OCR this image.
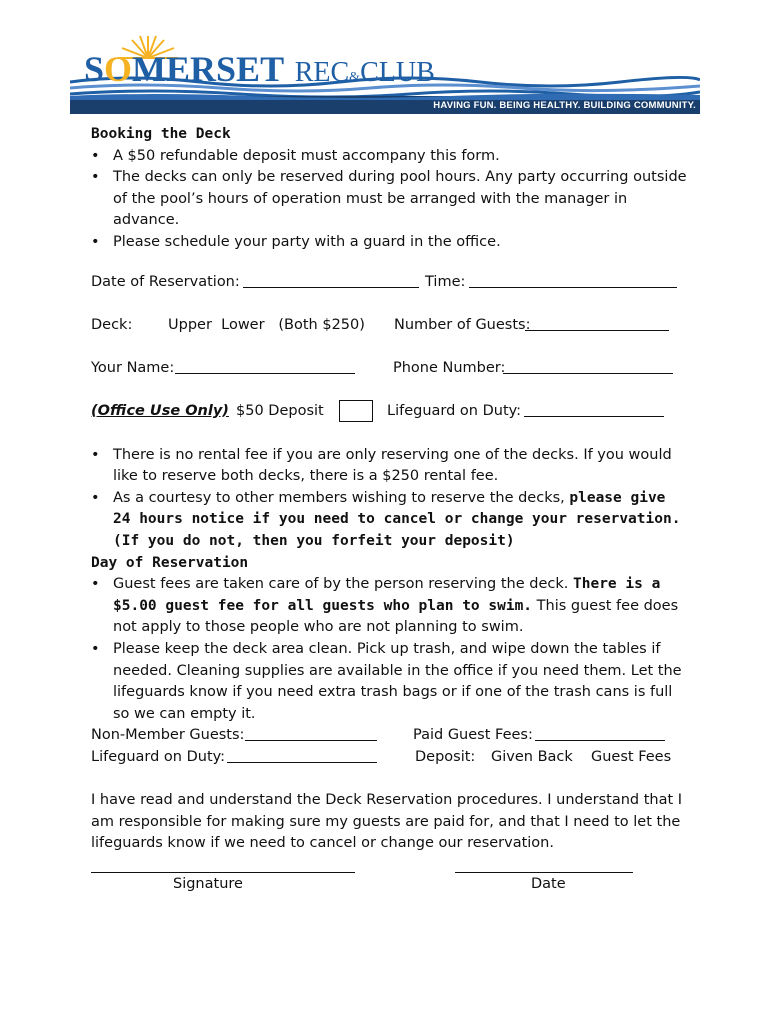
SOMERSET REC&CLUB
HAVING FUN. BEING HEALTHY. BUILDING COMMUNITY.
Booking the Deck
• A $50 refundable deposit must accompany this form.
• The decks can only be reserved during pool hours. Any party occurring outside of the pool’s hours of operation must be arranged with the manager in advance.
• Please schedule your party with a guard in the office.
Date of Reservation:	Time:
Deck: Upper  Lower   (Both $250) Number of Guests:
Your Name:	Phone Number:
(Office Use Only) $50 Deposit	Lifeguard on Duty:
• There is no rental fee if you are only reserving one of the decks. If you would like to reserve both decks, there is a $250 rental fee.
• As a courtesy to other members wishing to reserve the decks, please give 24 hours notice if you need to cancel or change your reservation. (If you do not, then you forfeit your deposit)
Day of Reservation
• Guest fees are taken care of by the person reserving the deck. There is a $5.00 guest fee for all guests who plan to swim. This guest fee does not apply to those people who are not planning to swim.
• Please keep the deck area clean. Pick up trash, and wipe down the tables if needed. Cleaning supplies are available in the office if you need them. Let the lifeguards know if you need extra trash bags or if one of the trash cans is full so we can empty it.
Non-Member Guests:	Paid Guest Fees:
Lifeguard on Duty:	Deposit: Given Back Guest Fees
I have read and understand the Deck Reservation procedures. I understand that I am responsible for making sure my guests are paid for, and that I need to let the lifeguards know if we need to cancel or change our reservation.
Signature	Date
